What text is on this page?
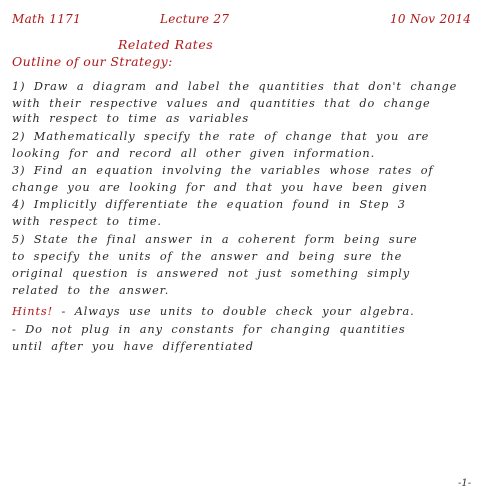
Math 1171	Lecture 27	10 Nov 2014
Related Rates
Outline of our Strategy:
1) Draw a diagram and label the quantities that don't change
with their respective values and quantities that do change
with respect to time as variables
2) Mathematically specify the rate of change that you are
looking for and record all other given information.
3) Find an equation involving the variables whose rates of
change you are looking for and that you have been given
4) Implicitly differentiate the equation found in Step 3
with respect to time.
5) State the final answer in a coherent form being sure
to specify the units of the answer and being sure the
original question is answered not just something simply
related to the answer.
Hints! - Always use units to double check your algebra.
- Do not plug in any constants for changing quantities
until after you have differentiated
-1-
